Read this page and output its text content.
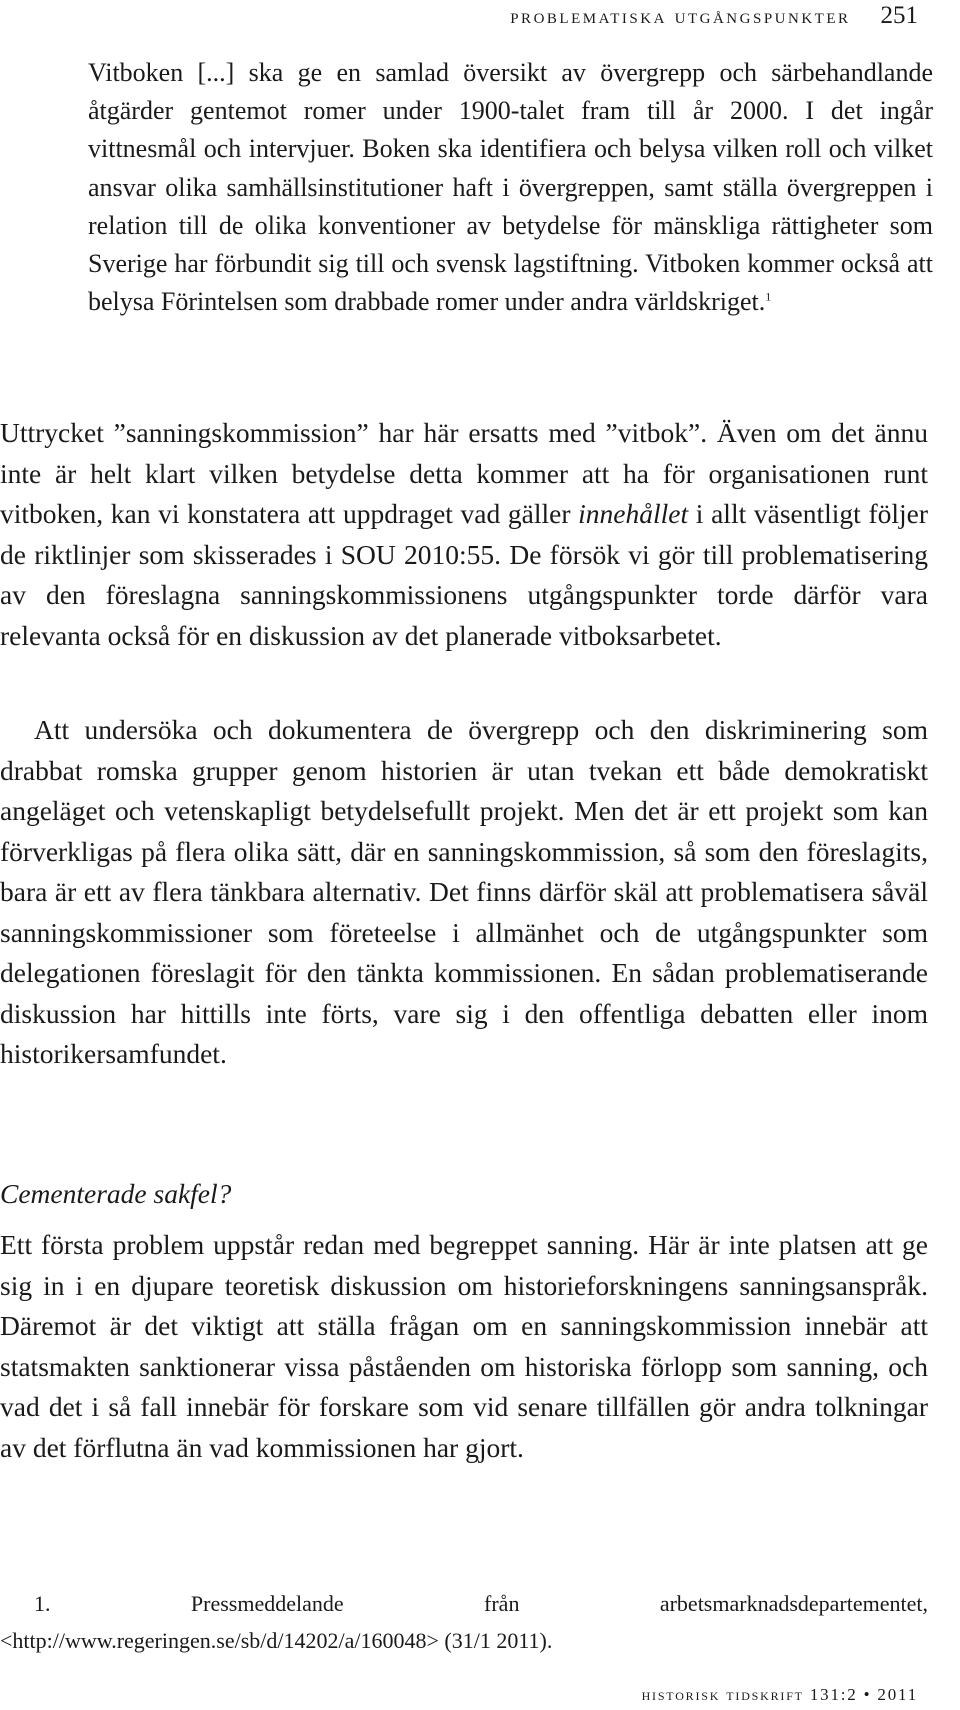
problematiska utgångspunkter 251
Vitboken [...] ska ge en samlad översikt av övergrepp och särbehandlande åtgärder gentemot romer under 1900-talet fram till år 2000. I det ingår vittnesmål och intervjuer. Boken ska identifiera och belysa vilken roll och vilket ansvar olika samhällsinstitutioner haft i övergreppen, samt ställa övergreppen i relation till de olika konventioner av betydelse för mänskliga rättigheter som Sverige har förbundit sig till och svensk lagstiftning. Vitboken kommer också att belysa Förintelsen som drabbade romer under andra världskriget.$^1$

Uttrycket ”sanningskommission” har här ersatts med ”vitbok”. Även om det ännu inte är helt klart vilken betydelse detta kommer att ha för organisationen runt vitboken, kan vi konstatera att uppdraget vad gäller innehållet i allt väsentligt följer de riktlinjer som skisserades i SOU 2010:55. De försök vi gör till problematisering av den föreslagna sanningskommissionens utgångspunkter torde därför vara relevanta också för en diskussion av det planerade vitboksarbetet.

Att undersöka och dokumentera de övergrepp och den diskriminering som drabbat romska grupper genom historien är utan tvekan ett både demokratiskt angeläget och vetenskapligt betydelsefullt projekt. Men det är ett projekt som kan förverkligas på flera olika sätt, där en sanningskommission, så som den föreslagits, bara är ett av flera tänkbara alternativ. Det finns därför skäl att problematisera såväl sanningskommissioner som företeelse i allmänhet och de utgångspunkter som delegationen föreslagit för den tänkta kommissionen. En sådan problematiserande diskussion har hittills inte förts, vare sig i den offentliga debatten eller inom historikersamfundet.

Cementerade sakfel?

Ett första problem uppstår redan med begreppet sanning. Här är inte platsen att ge sig in i en djupare teoretisk diskussion om historieforskningens sanningsanspråk. Däremot är det viktigt att ställa frågan om en sanningskommission innebär att statsmakten sanktionerar vissa påståenden om historiska förlopp som sanning, och vad det i så fall innebär för forskare som vid senare tillfällen gör andra tolkningar av det förflutna än vad kommissionen har gjort.

1. Pressmeddelande från arbetsmarknadsdepartementet, <http://www.regeringen.se/sb/d/14202/a/160048> (31/1 2011).
historisk tidskrift 131:2 • 2011
